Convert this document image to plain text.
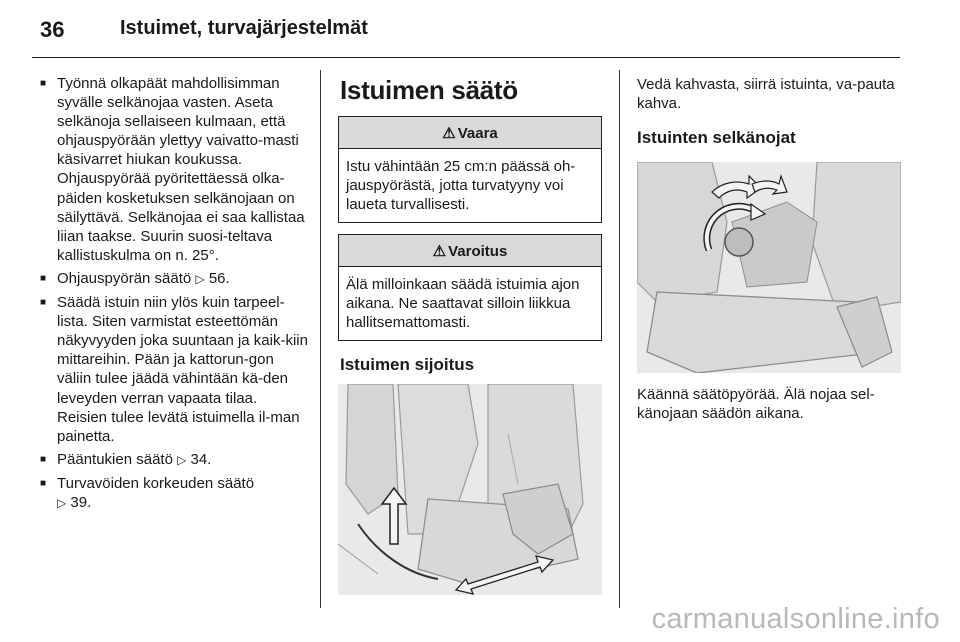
36	Istuimet, turvajärjestelmät
■ Työnnä olkapäät mahdollisimman syvälle selkänojaa vasten. Aseta selkänoja sellaiseen kulmaan, että ohjauspyörään ylettyy vaivatto-masti käsivarret hiukan koukussa. Ohjauspyörää pyöritettäessä olka-päiden kosketuksen selkänojaan on säilyttävä. Selkänojaa ei saa kallistaa liian taakse. Suurin suosi-teltava kallistuskulma on n. 25°.
■ Ohjauspyörän säätö ▷ 56.
■ Säädä istuin niin ylös kuin tarpeel-lista. Siten varmistat esteettömän näkyvyyden joka suuntaan ja kaik-kiin mittareihin. Pään ja kattorun-gon väliin tulee jäädä vähintään kä-den leveyden verran vapaata tilaa. Reisien tulee levätä istuimella il-man painetta.
■ Pääntukien säätö ▷ 34.
■ Turvavöiden korkeuden säätö
▷ 39.
Istuimen säätö
⚠ Vaara
Istu vähintään 25 cm:n päässä oh-jauspyörästä, jotta turvatyyny voi laueta turvallisesti.
⚠ Varoitus
Älä milloinkaan säädä istuimia ajon aikana. Ne saattavat silloin liikkua hallitsemattomasti.
Istuimen sijoitus

Vedä kahvasta, siirrä istuinta, va-pauta kahva.

Istuinten selkänojat

Käännä säätöpyörää. Älä nojaa sel-känojaan säädön aikana.

carmanualsonline.info
